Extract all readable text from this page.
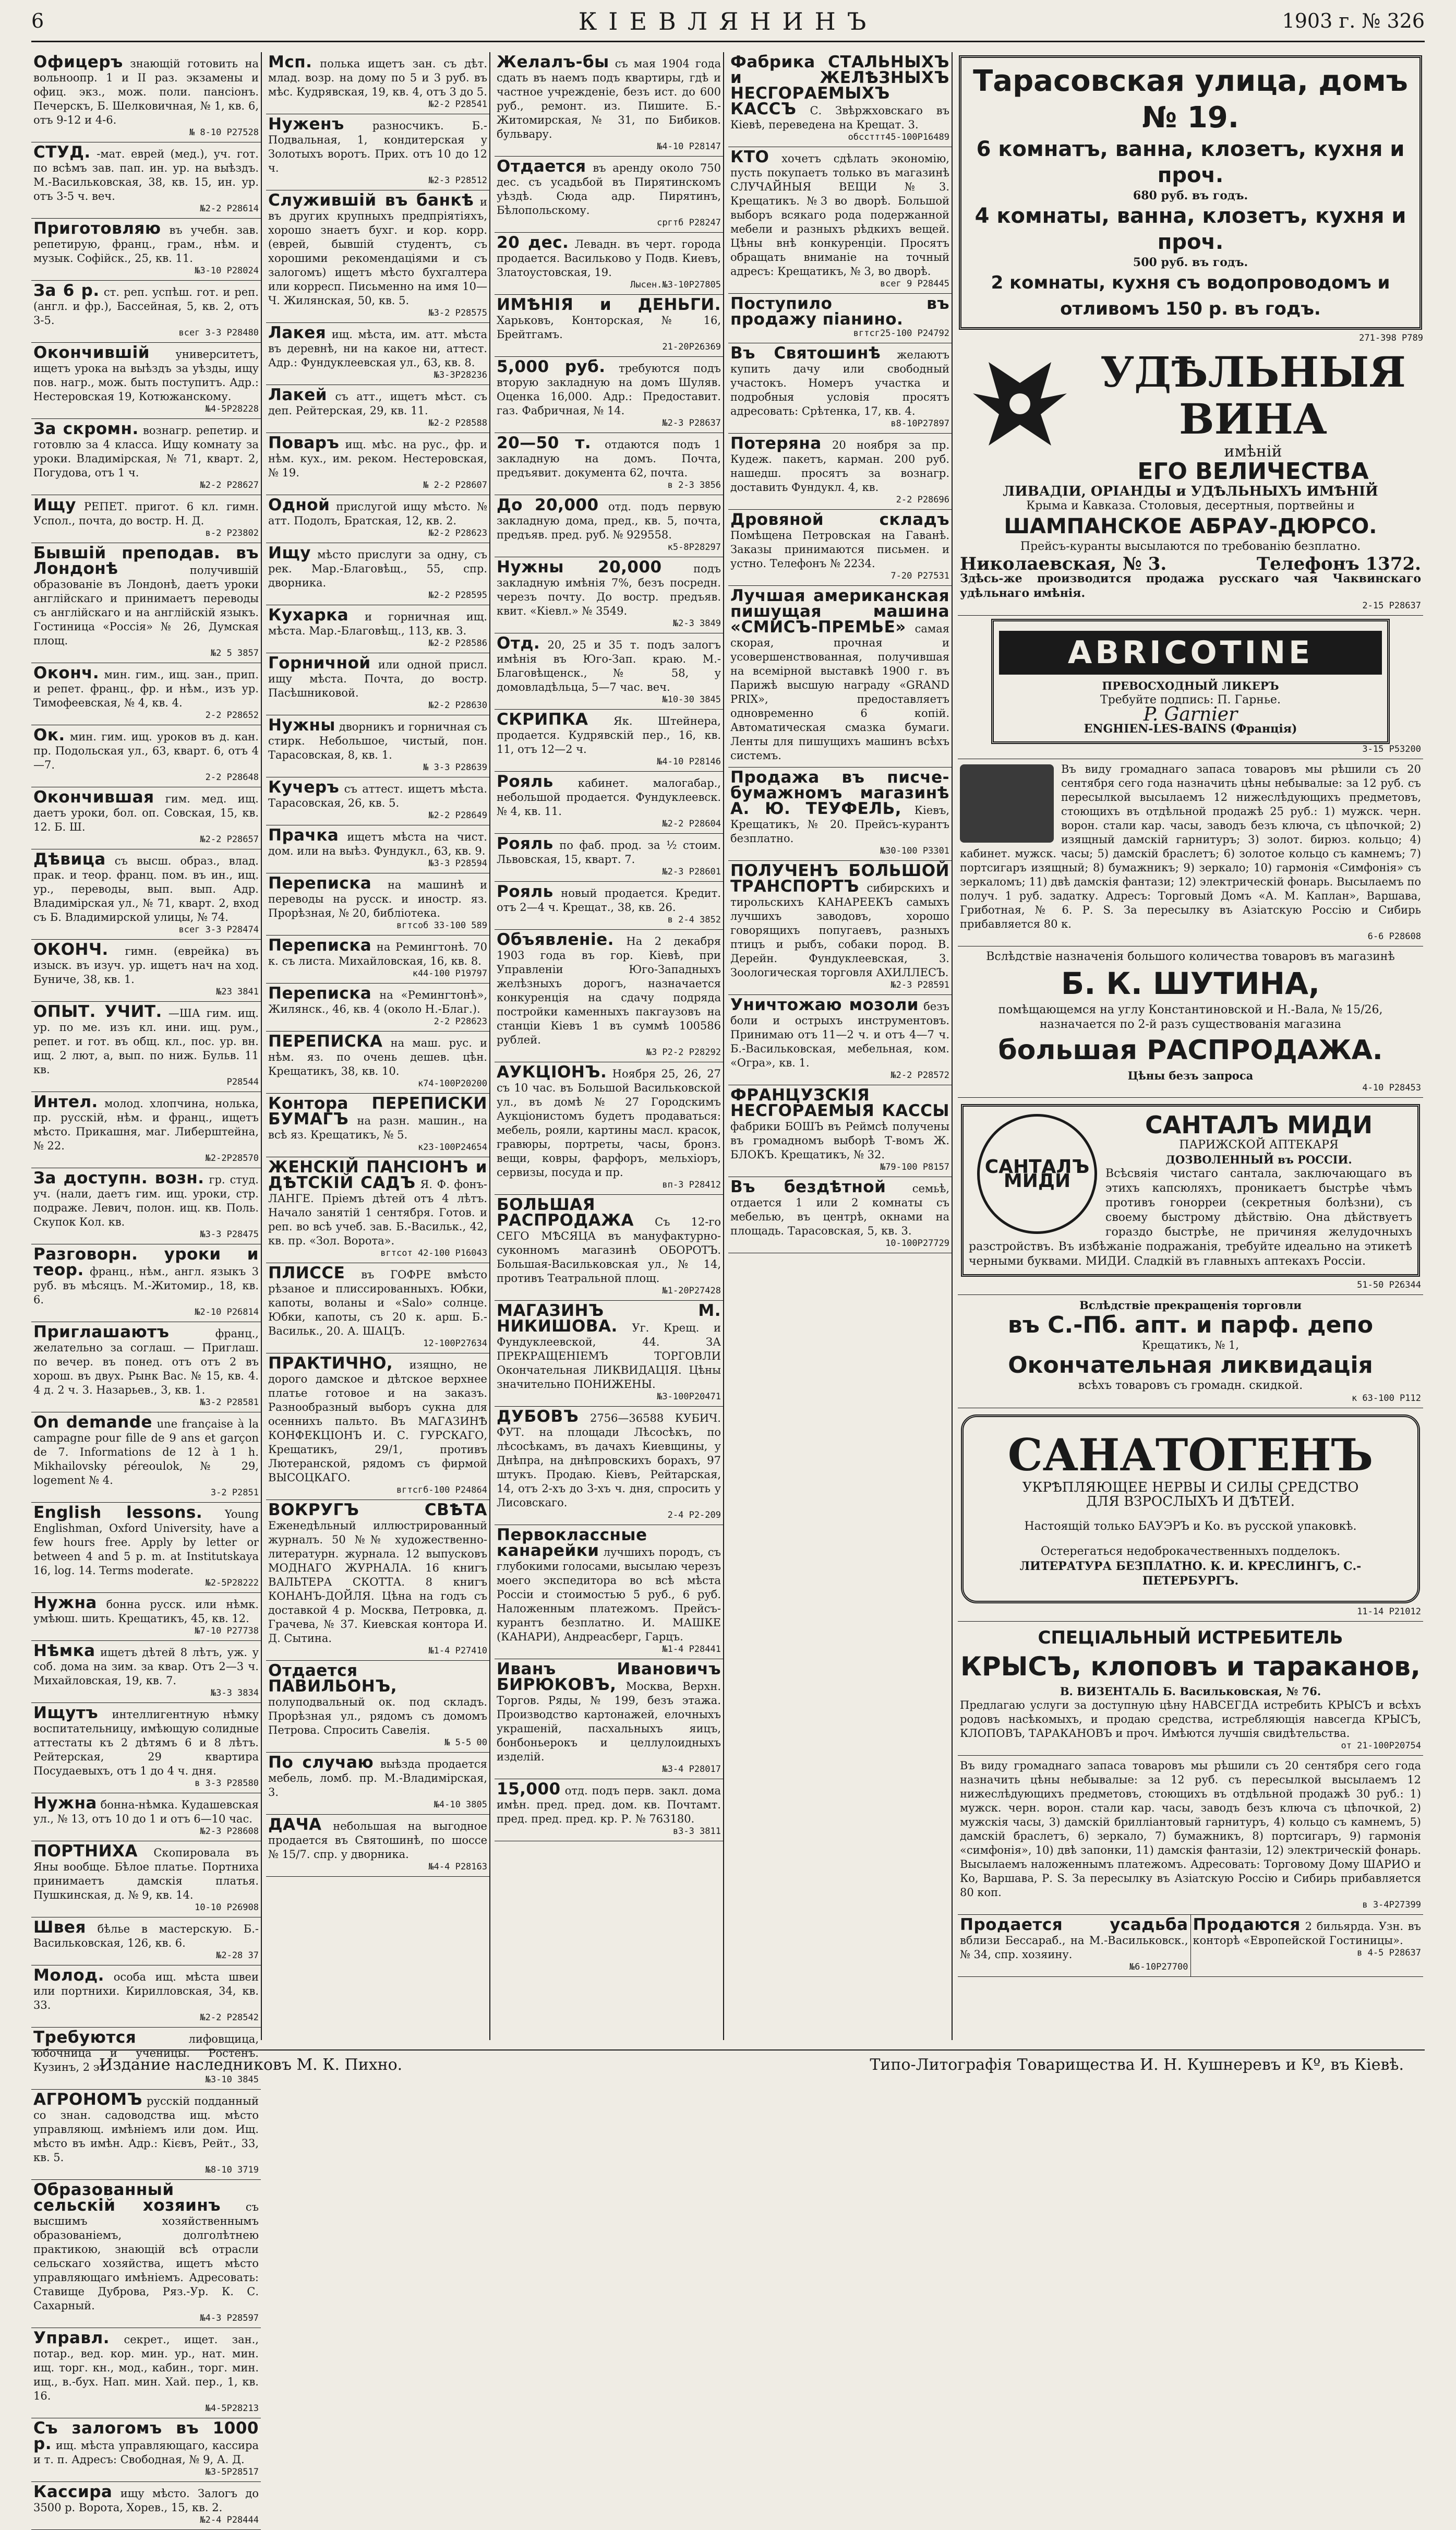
6	КІЕВЛЯНИНЪ	1903 г. № 326
Офицеръ знающій готовить на вольноопр. 1 и II раз. экзамены и офиц. экз., мож. поли. пансіонъ. Печерскъ, Б. Шелковичная, № 1, кв. 6, отъ 9-12 и 4-6.
№ 8-10 Р27528
СТУД. -мат. еврей (мед.), уч. гот. по всѣмъ зав. пап. ин. ур. на выѣздъ. М.-Васильковская, 38, кв. 15, ин. ур. отъ 3-5 ч. веч.
№2-2 Р28614
Приготовляю въ учебн. зав. репетирую, франц., грам., нѣм. и музык. Софійск., 25, кв. 11.
№3-10 Р28024
За 6 р. ст. реп. успѣш. гот. и реп. (англ. и фр.), Бассейная, 5, кв. 2, отъ 3-5.
всег 3-3 Р28480
Окончившій университетъ, ищетъ урока на выѣздъ за уѣзды, ищу пов. нагр., мож. быть поступитъ. Адр.: Нестеровская 19, Котюжанскому.
№4-5Р28228
За скромн. вознагр. репетир. и готовлю за 4 класса. Ищу комнату за уроки. Владимірская, № 71, кварт. 2, Погудова, отъ 1 ч.
№2-2 Р28627
Ищу РЕПЕТ. пригот. 6 кл. гимн. Успол., почта, до востр. Н. Д.
в-2 Р23802
Бывшій преподав. въ Лондонѣ	получившій образованіе въ Лондонѣ, даетъ уроки англійскаго и принимаетъ переводы съ англійскаго и на англійскій языкъ. Гостиница «Россія» № 26, Думская площ.
№2 5 3857
Оконч. мин. гим., ищ. зан., прип. и репет. франц., фр. и нѣм., изъ ур. Тимофеевская, № 4, кв. 4.
2-2 Р28652
Ок. мин. гим. ищ. уроков въ д. кан. пр. Подольская ул., 63, кварт. 6, отъ 4—7.
2-2 Р28648
Окончившая гим. мед. ищ. даетъ уроки, бол. оп. Совская, 15, кв. 12. Б. Ш.
№2-2 Р28657
Дѣвица съ высш. образ., влад. прак. и теор. франц. пом. въ ин., ищ. ур., переводы, вып. вып. Адр. Владимірская ул., № 71, кварт. 2, вход съ Б. Владимирской улицы, № 74.
всег 3-3 Р28474
ОКОНЧ. гимн. (еврейка) въ изыск. въ изуч. ур. ищетъ нач на ход. Буниче, 38, кв. 1.
№23 3841
ОПЫТ. УЧИТ. —ША гим. ищ. ур. по ме. изъ кл. ини. ищ. рум., репет. и гот. въ общ. кл., пос. ур. вн. ищ. 2 лют, а, вып. по ниж. Бульв. 11 кв.
Р28544
Интел. молод. хлопчина, нолька, пр. русскій, нѣм. и франц., ищетъ мѣсто. Прикашня, маг. Либерштейна, № 22.
№2-2Р28570
За доступн. возн. гр. студ. уч. (нали, даетъ гим. ищ. уроки, стр. подраже. Левич, полон. ищ. кв. Поль. Скупок Кол. кв.
№3-3 Р28475
Разговорн. уроки и теор. франц., нѣм., англ. языкъ 3 руб. въ мѣсяцъ. М.-Житомир., 18, кв. 6.
№2-10 Р26814
Приглашаютъ	франц., желательно за соглаш. — Приглаш. по вечер. въ понед. отъ отъ 2 въ хорош. въ двух. Рынк Вас. № 15, кв. 4. 4 д. 2 ч. 3. Назарьев., 3, кв. 1.
№3-2 Р28581
On demande une française à la campagne pour fille de 9 ans et garçon de 7. Informations de 12 à 1 h. Mikhailovsky pérеоulok, № 29, logement № 4.
3-2 Р2851
English lessons. Young Englishman, Oxford University, have a few hours free. Apply by letter or between 4 and 5 p. m. at Institutskaya 16, log. 14. Terms moderate.
№2-5Р28222
Нужна бонна русск. или нѣмк. умѣюш. шить. Крещатикъ, 45, кв. 12.
№7-10 Р27738
Нѣмка ищетъ дѣтей 8 лѣтъ, уж. у соб. дома на зим. за квар. Отъ 2—3 ч. Михайловская, 19, кв. 7.
№3-3 3834
Ищутъ интеллигентную нѣмку воспитательницу, имѣющую солидные аттестаты къ 2 дѣтямъ 6 и 8 лѣтъ. Рейтерская, 29 квартира Посудаевыхъ, отъ 1 до 4 ч. дня.
в 3-3 Р28580
Нужна бонна-нѣмка. Кудашевская ул., № 13, отъ 10 до 1 и отъ 6—10 час.
№2-3 Р28608
ПОРТНИХА Скопировала въ Яны вообще. Бѣлое платье. Портниха принимаетъ дамскія платья. Пушкинская, д. № 9, кв. 14.
10-10 Р26908
Швея бѣлье в мастерскую. Б.-Васильковская, 126, кв. 6.
№2-28 37
Молод. особа ищ. мѣста швеи или портнихи. Кирилловская, 34, кв. 33.
№2-2 Р28542
Требуются	лифовщица, юбочница и ученицы. Ростенъ. Кузинъ, 2 эт.
№3-10 3845
АГРОНОМЪ русскій подданный со знан. садоводства ищ. мѣсто управляющ. имѣніемъ или дом. Ищ. мѣсто въ имѣн. Адр.: Кієвъ, Рейт., 33, кв. 5.
№8-10 3719
Образованный сельскій хозяинъ съ высшимъ хозяйственнымъ образованіемъ, долголѣтнею практикою, знающій всѣ отрасли сельскаго хозяйства, ищетъ мѣсто управляющаго имѣніемъ. Адресовать: Ставище Дуброва, Ряз.-Ур. К. С. Сахарный.
№4-3 Р28597
Управл. секрет., ищет. зан., потар., вед. кор. мин. ур., нат. мин. ищ. торг. кн., мод., кабин., торг. мин. ищ., в.-бух. Нап. мин. Хай. пер., 1, кв. 16.
№4-5Р28213
Съ залогомъ въ 1000 р. ищ. мѣста управляющаго, кассира и т. п. Адресъ: Свободная, № 9, А. Д.
№3-5Р28517
Кассира ищу мѣсто. Залогъ до 3500 р. Ворота, Хорев., 15, кв. 2.
№2-4 Р28444
Мсп. полька ищетъ зан. съ дѣт. млад. возр. на дому по 5 и 3 руб. въ мѣс. Кудрявская, 19, кв. 4, отъ 3 до 5.
№2-2 Р28541
Нуженъ	разносчикъ. Б.-Подвальная, 1, кондитерская у Золотыхъ воротъ. Прих. отъ 10 до 12 ч.
№2-3 Р28512
Служившій въ банкѣ и въ других крупныхъ предпріятіяхъ, хорошо знаетъ бухг. и кор. корр. (еврей, бывшій студентъ, съ хорошими рекомендаціями и съ залогомъ) ищетъ мѣсто бухгалтера или корресп. Письменно на имя 10—Ч. Жилянская, 50, кв. 5.
№3-2 Р28575
Лакея ищ. мѣста, им. атт. мѣста въ деревнѣ, ни на какое ни, аттест. Адр.: Фундуклеевская ул., 63, кв. 8.
№3-3Р28236
Лакей съ атт., ищетъ мѣст. съ деп. Рейтерская, 29, кв. 11.
№2-2 Р28588
Поваръ ищ. мѣс. на рус., фр. и нѣм. кух., им. реком. Нестеровская, № 19.
№ 2-2 Р28607
Одной прислугой ищу мѣсто. № атт. Подолъ, Братская, 12, кв. 2.
№2-2 Р28623
Ищу мѣсто прислуги за одну, съ рек. Мар.-Благовѣщ., 55, спр. дворника.
№2-2 Р28595
Кухарка и горничная ищ. мѣста. Мар.-Благовѣщ., 113, кв. 3.
№2-2 Р28586
Горничной или одной присл. ищу мѣста. Почта, до востр. Пасѣшниковой.
№2-2 Р28630
Нужны дворникъ и горничная съ стирк. Небольшое, чистый, пон. Тарасовская, 8, кв. 1.
№ 3-3 Р28639
Кучеръ съ аттест. ищетъ мѣста. Тарасовская, 26, кв. 5.
№2-2 Р28649
Прачка ищетъ мѣста на чист. дом. или на выѣз. Фундукл., 63, кв. 9.
№3-3 Р28594
Переписка на машинѣ и переводы на русск. и иностр. яз. Прорѣзная, № 20, библіотека.
вгтсоб 33-100 589
Переписка на Ремингтонѣ. 70 к. съ листа. Михайловская, 16, кв. 8.
к44-100 Р19797
Переписка на «Ремингтонѣ», Жилянск., 46, кв. 4 (около Н.-Благ.).
2-2 Р28623
ПЕРЕПИСКА на маш. рус. и нѣм. яз. по очень дешев. цѣн. Крещатикъ, 38, кв. 10.
к74-100Р20200
Контора ПЕРЕПИСКИ БУМАГЪ на разн. машин., на всѣ яз. Крещатикъ, № 5.
к23-100Р24654
ЖЕНСКІЙ ПАНСІОНЪ и ДѢТСКІЙ САДЪ Я. Ф. фонъ-ЛАНГЕ. Пріемъ дѣтей отъ 4 лѣтъ. Начало занятій 1 сентября. Готов. и реп. во всѣ учеб. зав. Б.-Васильк., 42, кв. пр. «Зол. Ворота».
вгтсот 42-100 Р16043
ПЛИССЕ въ ГОФРЕ вмѣсто рѣзаное и плиссированныхъ. Юбки, капоты, воланы и «Salo» солнце. Юбки, капоты, съ 20 к. арш. Б.-Васильк., 20. А. ШАЦЪ.
12-100Р27634
ПРАКТИЧНО, изящно, не дорого дамское и дѣтское верхнее платье готовое и на заказъ. Разнообразный выборъ сукна для осеннихъ пальто. Въ МАГАЗИНѢ КОНФЕКЦІОНЪ И. С. ГУРСКАГО, Крещатикъ, 29/1, противъ Лютеранской, рядомъ съ фирмой ВЫСОЦКАГО.
вгтсгб-100 Р24864
ВОКРУГЪ СВѢТА Еженедѣльный иллюстрированный журналъ. 50 №№ художественно-литературн. журнала. 12 выпусковъ МОДНАГО ЖУРНАЛА. 16 книгъ ВАЛЬТЕРА СКОТТА. 8 книгъ КОНАНЪ-ДОЙЛЯ. Цѣна на годъ съ доставкой 4 р. Москва, Петровка, д. Грачева, № 37. Киевская контора И. Д. Сытина.
№1-4 Р27410
Отдается ПАВИЛЬОНЪ, полуподвальный ок. под складъ. Прорѣзная ул., рядомъ съ домомъ Петрова. Спросить Савелія.
№ 5-5 00
По случаю выѣзда продается мебель, ломб. пр. М.-Владимірская, 3.
№4-10 3805
ДАЧА небольшая на выгодное продается въ Святошинѣ, по шоссе № 15/7. спр. у дворника.
№4-4 Р28163
Желалъ-бы съ мая 1904 года сдать въ наемъ подъ квартиры, гдѣ и частное учрежденіе, безъ ист. до 600 руб., ремонт. из. Пишите. Б.-Житомирская, № 31, по Бибиков. бульвару.
№4-10 Р28147
Отдается въ аренду около 750 дес. съ усадьбой въ Пирятинскомъ уѣздѣ. Сюда адр. Пирятинъ, Бѣлопольскому.
сргтб Р28247
20 дес. Левадн. въ черт. города продается. Васильково у Подв. Киевъ, Златоустовская, 19.
Лысен.№3-10Р27805
ИМѢНІЯ и ДЕНЬГИ. Харьковъ, Конторская, № 16, Брейтгамъ.
21-20Р26369
5,000 руб. требуются подъ вторую закладную на домъ Шуляв. Оценка 16,000. Адр.: Предоставит. газ. Фабричная, № 14.
№2-3 Р28637
20—50 т. отдаются подъ 1 закладную на домъ. Почта, предъявит. документа 62, почта.
в 2-3 3856
До 20,000 отд. подъ первую закладную дома, пред., кв. 5, почта, предъяв. пред. руб. № 929558.
к5-8Р28297
Нужны 20,000	подъ закладную имѣнія 7%, безъ посредн. черезъ почту. До востр. предъяв. квит. «Кіевл.» № 3549.
№2-3 3849
Отд. 20, 25 и 35 т. подъ залогъ имѣнія въ Юго-Зап. краю. М.-Благовѣщенск., № 58, у домовладѣльца, 5—7 час. веч.
№10-30 3845
СКРИПКА Як. Штейнера, продается. Кудрявскій пер., 16, кв. 11, отъ 12—2 ч.
№4-10 Р28146
Рояль кабинет. малогабар., небольшой продается. Фундуклеевск. № 4, кв. 11.
№2-2 Р28604
Рояль по фаб. прод. за ½ стоим. Львовская, 15, кварт. 7.
№2-3 Р28601
Рояль новый продается. Кредит. отъ 2—4 ч. Крещат., 38, кв. 26.
в 2-4 3852
Объявленіе. На 2 декабря 1903 года въ гор. Кіевѣ, при Управленіи Юго-Западныхъ желѣзныхъ дорогъ, назначается конкуренція на сдачу подряда постройки каменныхъ пакгаузовъ на станціи Кіевъ 1 въ суммѣ 100586 рублей.
№3 Р2-2 Р28292
АУКЦІОНЪ. Ноября 25, 26, 27 съ 10 час. въ Большой Васильковской ул., въ домѣ № 27 Городскимъ Аукціонистомъ будетъ продаваться: мебель, рояли, картины масл. красок, гравюры, портреты, часы, бронз. вещи, ковры, фарфоръ, мельхіоръ, сервизы, посуда и пр.
вп-3 Р28412
БОЛЬШАЯ РАСПРОДАЖА Съ 12-го СЕГО МѢСЯЦА въ мануфактурно-суконномъ магазинѣ ОБОРОТЪ. Большая-Васильковская ул., № 14, противъ Театральной площ.
№1-20Р27428
МАГАЗИНЪ М. НИКИШОВА. Уг. Крещ. и Фундуклеевской, 44. ЗА ПРЕКРАЩЕНІЕМЪ ТОРГОВЛИ Окончательная ЛИКВИДАЦІЯ. Цѣны значительно ПОНИЖЕНЫ.
№3-100Р20471
ДУБОВЪ 2756—36588 КУБИЧ. ФУТ. на площади Лѣсосѣкъ, по лѣсосѣкамъ, въ дачахъ Киевщины, у Днѣпра, на днѣпровскихъ борахъ, 97 штукъ. Продаю. Кіевъ, Рейтарская, 14, отъ 2-хъ до 3-хъ ч. дня, спросить у Лисовскаго.
2-4 Р2-209
Первоклассные канарейки лучшихъ породъ, съ глубокими голосами, высылаю черезъ моего экспедитора во всѣ мѣста Россіи и стоимостью 5 руб., 6 руб. Наложенным платежомъ. Прейсъ-курантъ безплатно. И. МАШКЕ (КАНАРИ), Андреасберг, Гарцъ.
№1-4 Р28441
Иванъ Ивановичъ БИРЮКОВЪ, Москва, Верхн. Торгов. Ряды, № 199, безъ этажа. Производство картонажей, елочныхъ украшеній, пасхальныхъ яицъ, бонбоньерокъ и целлулоидныхъ изделій.
№3-4 Р28017
15,000 отд. подъ перв. закл. дома имѣн. пред. пред. дом. кв. Почтамт. пред. пред. пред. кр. Р. № 763180.
в3-3 3811
Фабрика СТАЛЬНЫХЪ и ЖЕЛѢЗНЫХЪ НЕСГОРАЕМЫХЪ КАССЪ С. Звѣржховскаго въ Кіевѣ, переведена на Крещат. 3.
обссттт45-100Р16489
КТО хочетъ сдѣлать экономію, пусть покупаетъ только въ магазинѣ СЛУЧАЙНЫЯ ВЕЩИ №3. Крещатикъ. №3 во дворѣ. Большой выборъ всякаго рода подержанной мебели и разныхъ рѣдкихъ вещей. Цѣны внѣ конкуренціи. Просятъ обращать вниманіе на точный адресъ: Крещатикъ, № 3, во дворѣ.
всег 9 Р28445
Поступило въ продажу піанино.
вгтсг25-100 Р24792
Въ Святошинѣ желаютъ купить дачу или свободный участокъ. Номеръ участка и подробныя условія просятъ адресовать: Срѣтенка, 17, кв. 4.
в8-10Р27897
Потеряна 20 ноября за пр. Кудеж. пакетъ, карман. 200 руб. нашедш. просятъ за вознагр. доставить Фундукл. 4, кв.
2-2 Р28696
Дровяной складъ Помѣщена Петровская на Гаванѣ. Заказы принимаются письмен. и устно. Телефонъ № 2234.
7-20 Р27531
Лучшая американская пишущая машина «СМИСЪ-ПРЕМЬЕ» самая скорая, прочная и усовершенствованная, получившая на всемірной выставкѣ 1900 г. въ Парижѣ высшую награду «GRAND PRIX», предоставляетъ одновременно 6 копій. Автоматическая смазка бумаги. Ленты для пишущихъ машинъ всѣхъ системъ.
Продажа въ писче-бумажномъ магазинѣ А. Ю. ТЕУФЕЛЬ, Кіевъ, Крещатикъ, № 20. Прейсъ-курантъ безплатно.
№30-100 Р3301
ПОЛУЧЕНЪ БОЛЬШОЙ ТРАНСПОРТЪ сибирскихъ и тирольскихъ КАНАРЕЕКЪ самыхъ лучшихъ заводовъ, хорошо говорящихъ попугаевъ, разныхъ птицъ и рыбъ, собаки пород. В. Дерейн. Фундуклеевская, 3. Зоологическая торговля АХИЛЛЕСЪ.
№2-3 Р28591
Уничтожаю мозоли безъ боли и острыхъ инструментовъ. Принимаю отъ 11—2 ч. и отъ 4—7 ч. Б.-Васильковская, мебельная, ком. «Огра», кв. 1.
№2-2 Р28572
ФРАНЦУЗСКІЯ НЕСГОРАЕМЫЯ КАССЫ фабрики БОШЪ въ Реймсѣ получены въ громадномъ выборѣ Т-вомъ Ж. БЛОКЪ. Крещатикъ, № 32.
№79-100 Р8157
Въ бездѣтной семьѣ, отдается 1 или 2 комнаты съ мебелью, въ центрѣ, окнами на площадь. Тарасовская, 5, кв. 3.
10-100Р27729
Тарасовская улица, домъ № 19.
6 комнатъ, ванна, клозетъ, кухня и проч.
680 руб. въ годъ.
4 комнаты, ванна, клозетъ, кухня и проч.
500 руб. въ годъ.
2 комнаты, кухня съ водопроводомъ и отливомъ 150 р. въ годъ.
271-398 Р789
УДѢЛЬНЫЯ ВИНА
имѣній
ЕГО ВЕЛИЧЕСТВА
ЛИВАДІИ, ОРІАНДЫ и УДѢЛЬНЫХЪ ИМѢНІЙ
Крыма и Кавказа. Столовыя, десертныя, портвейны и
ШАМПАНСКОЕ АБРАУ-ДЮРСО.
Прейсъ-куранты высылаются по требованію безплатно.
Николаевская, № 3.	Телефонъ 1372.
Здѣсь-же производится продажа русскаго чая Чаквинскаго удѣльнаго имѣнія.
2-15 Р28637
ABRICOTINE
ПРЕВОСХОДНЫЙ ЛИКЕРЪ
Требуйте подпись: П. Гарнье.
P. Garnier
ENGHIEN-LES-BAINS (Франція)
3-15 Р53200
Въ виду громаднаго запаса товаровъ мы рѣшили съ 20 сентября сего года назначить цѣны небывалые: за 12 руб. съ пересылкой высылаемъ 12 нижеслѣдующихъ предметовъ, стоющихъ въ отдѣльной продажѣ 25 руб.: 1) мужск. черн. ворон. стали кар. часы, заводъ безъ ключа, съ цѣпочкой; 2) изящный дамскій гарнитуръ; 3) золот. бирюз. кольцо; 4) кабинет. мужск. часы; 5) дамскій браслетъ; 6) золотое кольцо съ камнемъ; 7) портсигаръ изящный; 8) бумажникъ; 9) зеркало; 10) гармонія «Симфонія» съ зеркаломъ; 11) двѣ дамскія фантази; 12) электрическій фонарь. Высылаемъ по получ. 1 руб. задатку. Адресъ: Торговый Домъ «А. М. Каплан», Варшава, Гриботная, № 6. Р. S. За пересылку въ Азіатскую Россію и Сибирь прибавляется 80 к.
6-6 Р28608
Вслѣдствіе назначенія большого количества товаровъ въ магазинѣ
Б. К. ШУТИНА,
помѣщающемся на углу Константиновской и Н.-Вала, № 15/26, назначается по 2-й разъ существованія магазина
большая РАСПРОДАЖА.
Цѣны безъ запроса
4-10 Р28453
САНТАЛЪ МИДИ
САНТАЛЪ МИДИ
ПАРИЖСКОЙ АПТЕКАРЯ
ДОЗВОЛЕННЫЙ въ РОССІИ.
Всѣсвяія чистаго сантала, заключающаго въ этихъ капсюляхъ, проникаетъ быстрѣе чѣмъ противъ гонорреи (секретныя болѣзни), съ своему быстрому дѣйствію. Она дѣйствуетъ гораздо быстрѣе, не причиняя желудочныхъ разстройствъ. Въ избѣжаніе подражанія, требуйте идеально на этикетѣ черными буквами. МИДИ. Сладкій въ главныхъ аптекахъ Россіи.
51-50 Р26344
Вслѣдствіе прекращенія торговли
въ С.-Пб. апт. и парф. депо
Крещатикъ, № 1,
Окончательная ликвидація
всѣхъ товаровъ съ громадн. скидкой.
к 63-100 Р112
САНАТОГЕНЪ
УКРѢПЛЯЮЩЕЕ НЕРВЫ И СИЛЫ СРЕДСТВО
ДЛЯ ВЗРОСЛЫХЪ И ДѢТЕЙ.
Настоящій только БАУЭРЪ и Ко. въ русской упаковкѣ.
Остерегаться недоброкачественныхъ подделокъ.
ЛИТЕРАТУРА БЕЗПЛАТНО. К. И. КРЕСЛИНГЪ, С.-ПЕТЕРБУРГЪ.
11-14 Р21012
СПЕЦІАЛЬНЫЙ ИСТРЕБИТЕЛЬ
КРЫСЪ, клоповъ и тараканов,
В. ВИЗЕНТАЛЬ Б. Васильковская, № 76.
Предлагаю услуги за доступную цѣну НАВСЕГДА истребить КРЫСЪ и всѣхъ родовъ насѣкомыхъ, и продаю средства, истребляющія навсегда КРЫСЪ, КЛОПОВЪ, ТАРАКАНОВЪ и проч. Имѣются лучшія свидѣтельства.
от 21-100Р20754
Въ виду громаднаго запаса товаровъ мы рѣшили съ 20 сентября сего года назначить цѣны небывалые: за 12 руб. съ пересылкой высылаемъ 12 нижеслѣдующихъ предметовъ, стоющихъ въ отдѣльной продажѣ 30 руб.: 1) мужск. черн. ворон. стали кар. часы, заводъ безъ ключа съ цѣпочкой, 2) мужскія часы, 3) дамскій брилліантовый гарнитуръ, 4) кольцо съ камнемъ, 5) дамскій браслетъ, 6) зеркало, 7) бумажникъ, 8) портсигаръ, 9) гармонія «симфонія», 10) двѣ запонки, 11) дамскія фантазіи, 12) электрическій фонарь. Высылаемъ наложеннымъ платежомъ. Адресовать: Торговому Дому ШАРИО и Ко, Варшава, Р. S. За пересылку въ Азіатскую Россію и Сибирь прибавляется 80 коп.
в 3-4Р27399
Продается усадьба вблизи Бессараб., на М.-Васильковск., № 34, спр. хозяину.
№6-10Р27700
Продаются 2 бильярда. Узн. въ конторѣ «Европейской Гостиницы».
в 4-5 Р28637
Издание наследниковъ М. К. Пихно.	Типо-Литографія Товарищества И. Н. Кушнеревъ и Кº, въ Кіевѣ.
